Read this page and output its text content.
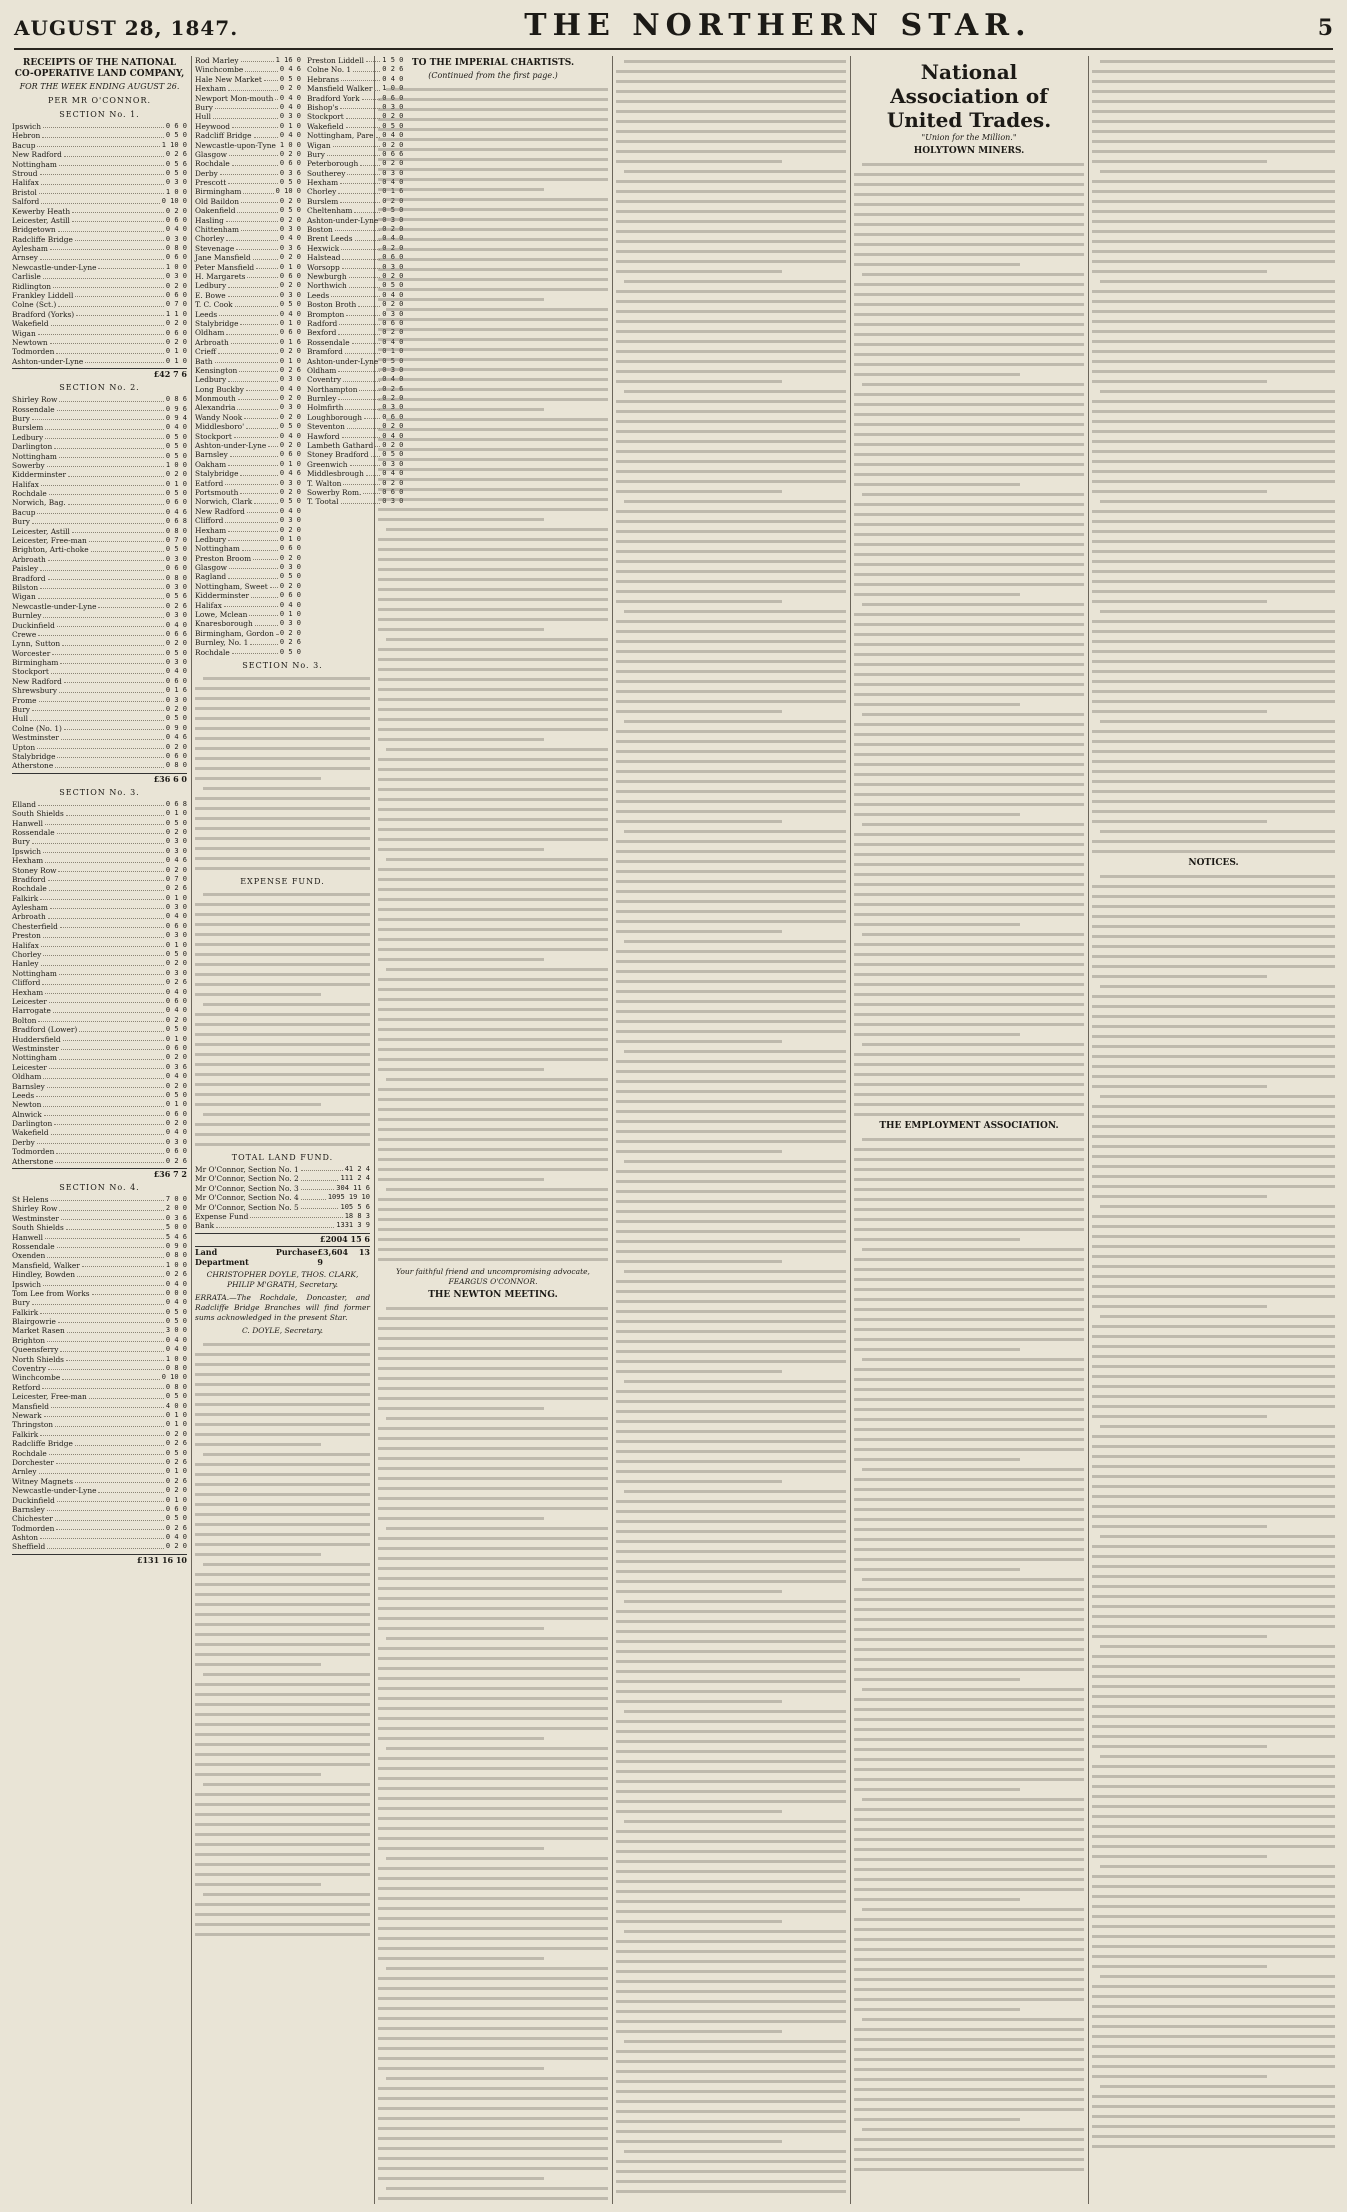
AUGUST 28, 1847.	THE NORTHERN STAR.	5
RECEIPTS OF THE NATIONAL CO-OPERATIVE LAND COMPANY,
FOR THE WEEK ENDING AUGUST 26.
PER MR O'CONNOR.
SECTION No. 1.
Ipswich	0 6 0
Hebron	0 5 0
Bacup	1 10 0
New Radford	0 2 6
Nottingham	0 5 6
Stroud	0 5 0
Halifax	0 3 0
Bristol	1 0 0
Salford	0 10 0
Kewerby Heath	0 2 0
Leicester, Astill	0 6 0
Bridgetown	0 4 0
Radcliffe Bridge	0 3 0
Aylesham	0 8 0
Arnsey	0 6 0
Newcastle-under-Lyne	1 0 0
Carlisle	0 3 0
Ridlington	0 2 0
Frankley Liddell	0 6 0
Colne (Sct.)	0 7 0
Bradford (Yorks)	1 1 0
Wakefield	0 2 0
Wigan	0 6 0
Newtown	0 2 0
Todmorden	0 1 0
Ashton-under-Lyne	0 1 0
£42 7 6
SECTION No. 2.
Shirley Row	0 8 6
Rossendale	0 9 6
Bury	0 9 4
Burslem	0 4 0
Ledbury	0 5 0
Darlington	0 5 0
Nottingham	0 5 0
Sowerby	1 0 0
Kidderminster	0 2 0
Halifax	0 1 0
Rochdale	0 5 0
Norwich, Bag.	0 6 0
Bacup	0 4 6
Bury	0 6 8
Leicester, Astill	0 8 0
Leicester, Free-man	0 7 0
Brighton, Arti-choke	0 5 0
Arbroath	0 3 0
Paisley	0 6 0
Bradford	0 8 0
Bilston	0 3 0
Wigan	0 5 6
Newcastle-under-Lyne	0 2 6
Burnley	0 3 0
Duckinfield	0 4 0
Crewe	0 6 6
Lynn, Sutton	0 2 0
Worcester	0 5 0
Birmingham	0 3 0
Stockport	0 4 0
New Radford	0 6 0
Shrewsbury	0 1 6
Frome	0 3 0
Bury	0 2 0
Hull	0 5 0
Colne (No. 1)	0 9 0
Westminster	0 4 6
Upton	0 2 0
Stalybridge	0 6 0
Atherstone	0 8 0
£36 6 0
SECTION No. 3.
Elland	0 6 8
South Shields	0 1 0
Hanwell	0 5 0
Rossendale	0 2 0
Bury	0 3 0
Ipswich	0 3 0
Hexham	0 4 6
Stoney Row	0 2 0
Bradford	0 7 0
Rochdale	0 2 6
Falkirk	0 1 0
Aylesham	0 3 0
Arbroath	0 4 0
Chesterfield	0 6 0
Preston	0 3 0
Halifax	0 1 0
Chorley	0 5 0
Hanley	0 2 0
Nottingham	0 3 0
Clifford	0 2 6
Hexham	0 4 0
Leicester	0 6 0
Harrogate	0 4 0
Bolton	0 2 0
Bradford (Lower)	0 5 0
Huddersfield	0 1 0
Westminster	0 6 0
Nottingham	0 2 0
Leicester	0 3 6
Oldham	0 4 0
Barnsley	0 2 0
Leeds	0 5 0
Newton	0 1 0
Alnwick	0 6 0
Darlington	0 2 0
Wakefield	0 4 0
Derby	0 3 0
Todmorden	0 6 0
Atherstone	0 2 6
£36 7 2
SECTION No. 4.
St Helens	7 0 0
Shirley Row	2 0 0
Westminster	0 3 6
South Shields	5 0 0
Hanwell	5 4 6
Rossendale	0 9 0
Oxenden	0 8 0
Mansfield, Walker	1 0 0
Hindley, Bowden	0 2 6
Ipswich	0 4 0
Tom Lee from Works	0 0 0
Bury	0 4 0
Falkirk	0 5 0
Blairgowrie	0 5 0
Market Rasen	3 0 0
Brighton	0 4 0
Queensferry	0 4 0
North Shields	1 0 0
Coventry	0 8 0
Winchcombe	0 10 0
Retford	0 8 0
Leicester, Free-man	0 5 0
Mansfield	4 0 0
Newark	0 1 0
Thringston	0 1 0
Falkirk	0 2 0
Radcliffe Bridge	0 2 6
Rochdale	0 5 0
Dorchester	0 2 6
Arnley	0 1 0
Witney Magnets	0 2 6
Newcastle-under-Lyne	0 2 0
Duckinfield	0 1 0
Barnsley	0 6 0
Chichester	0 5 0
Todmorden	0 2 6
Ashton	0 4 0
Sheffield	0 2 0
£131 16 10
Rod Marley	1 16 0
Winchcombe	0 4 6
Hale New Market	0 5 0
Hexham	0 2 0
Newport Mon-mouth 0 4 0
Bury	0 4 0
Hull	0 3 0
Heywood	0 1 0
Radcliff Bridge	0 4 0
Newcastle-upon-Tyne 1 0 0
Glasgow	0 2 0
Rochdale	0 6 0
Derby	0 3 6
Prescott	0 5 0
Birmingham	0 10 0
Old Baildon	0 2 0
Oakenfield	0 5 0
Hasling	0 2 0
Chittenham	0 3 0
Chorley	0 4 0
Stevenage	0 3 6
Jane Mansfield	0 2 0
Peter Mansfield	0 1 0
H. Margarets	0 6 0
Ledbury	0 2 0
E. Bowe	0 3 0
T. C. Cook	0 5 0
Leeds	0 4 0
Stalybridge	0 1 0
Oldham	0 6 0
Arbroath	0 1 6
Crieff	0 2 0
Bath	0 1 0
Kensington	0 2 6
Ledbury	0 3 0
Long Buckby	0 4 0
Monmouth	0 2 0
Alexandria	0 3 0
Wandy Nook	0 2 0
Middlesboro'	0 5 0
Stockport	0 4 0
Ashton-under-Lyne 0 2 0
Barnsley	0 6 0
Oakham	0 1 0
Stalybridge	0 4 6
Eatford	0 3 0
Portsmouth	0 2 0
Norwich, Clark	0 5 0
New Radford	0 4 0
Clifford	0 3 0
Hexham	0 2 0
Ledbury	0 1 0
Nottingham	0 6 0
Preston Broom	0 2 0
Glasgow	0 3 0
Ragland	0 5 0
Nottingham, Sweet 0 2 0
Kidderminster	0 6 0
Halifax	0 4 0
Lowe, Mclean	0 1 0
Knaresborough	0 3 0
Birmingham, Gordon 0 2 0
Burnley, No. 1	0 2 6
Rochdale	0 5 0
Preston Liddell	1 5 0
Colne No. 1	0 2 6
Hebrans	0 4 0
Mansfield Walker 1 0 0
Bradford York	0 6 0
Bishop's	0 3 0
Stockport	0 2 0
Wakefield	0 5 0
Nottingham, Pare 0 4 0
Wigan	0 2 0
Bury	0 6 6
Peterborough	0 2 0
Southerey	0 3 0
Hexham	0 4 0
Chorley	0 1 6
Burslem	0 2 0
Cheltenham	0 5 0
Ashton-under-Lyne 0 3 0
Boston	0 2 0
Brent Leeds	0 4 0
Hexwick	0 2 0
Halstead	0 6 0
Worsopp	0 3 0
Newburgh	0 2 0
Northwich	0 5 0
Leeds	0 4 0
Boston Broth	0 2 0
Brompton	0 3 0
Radford	0 6 0
Bexford	0 2 0
Rossendale	0 4 0
Bramford	0 1 0
Ashton-under-Lyne 0 5 0
Oldham	0 3 0
Coventry	0 4 0
Northampton	0 2 6
Burnley	0 2 0
Holmfirth	0 3 0
Loughborough	0 6 0
Steventon	0 2 0
Hawford	0 4 0
Lambeth Gathard 0 2 0
Stoney Bradford 0 5 0
Greenwich	0 3 0
Middlesbrough	0 4 0
T. Walton	0 2 0
Sowerby Rom.	0 6 0
T. Tootal	0 3 0
SECTION No. 3.
EXPENSE FUND.
TOTAL LAND FUND.
Mr O'Connor, Section No. 1	41 2 4
Mr O'Connor, Section No. 2	111 2 4
Mr O'Connor, Section No. 3	304 11 6
Mr O'Connor, Section No. 4	1095 19 10
Mr O'Connor, Section No. 5	105 5 6
Expense Fund	18 8 3
Bank	1331 3 9
£2004 15 6
Land Purchase Department
£3,604 13 9
CHRISTOPHER DOYLE, THOS. CLARK, PHILIP M'GRATH, Secretary.
ERRATA.—The Rochdale, Doncaster, and Radcliffe Bridge Branches will find former sums acknowledged in the present Star.
C. DOYLE, Secretary.
TO THE IMPERIAL CHARTISTS.
(Continued from the first page.)
Your faithful friend and uncompromising advocate, FEARGUS O'CONNOR.
THE NEWTON MEETING.
National Association of United Trades.
"Union for the Million."
HOLYTOWN MINERS.
THE EMPLOYMENT ASSOCIATION.
NOTICES.
